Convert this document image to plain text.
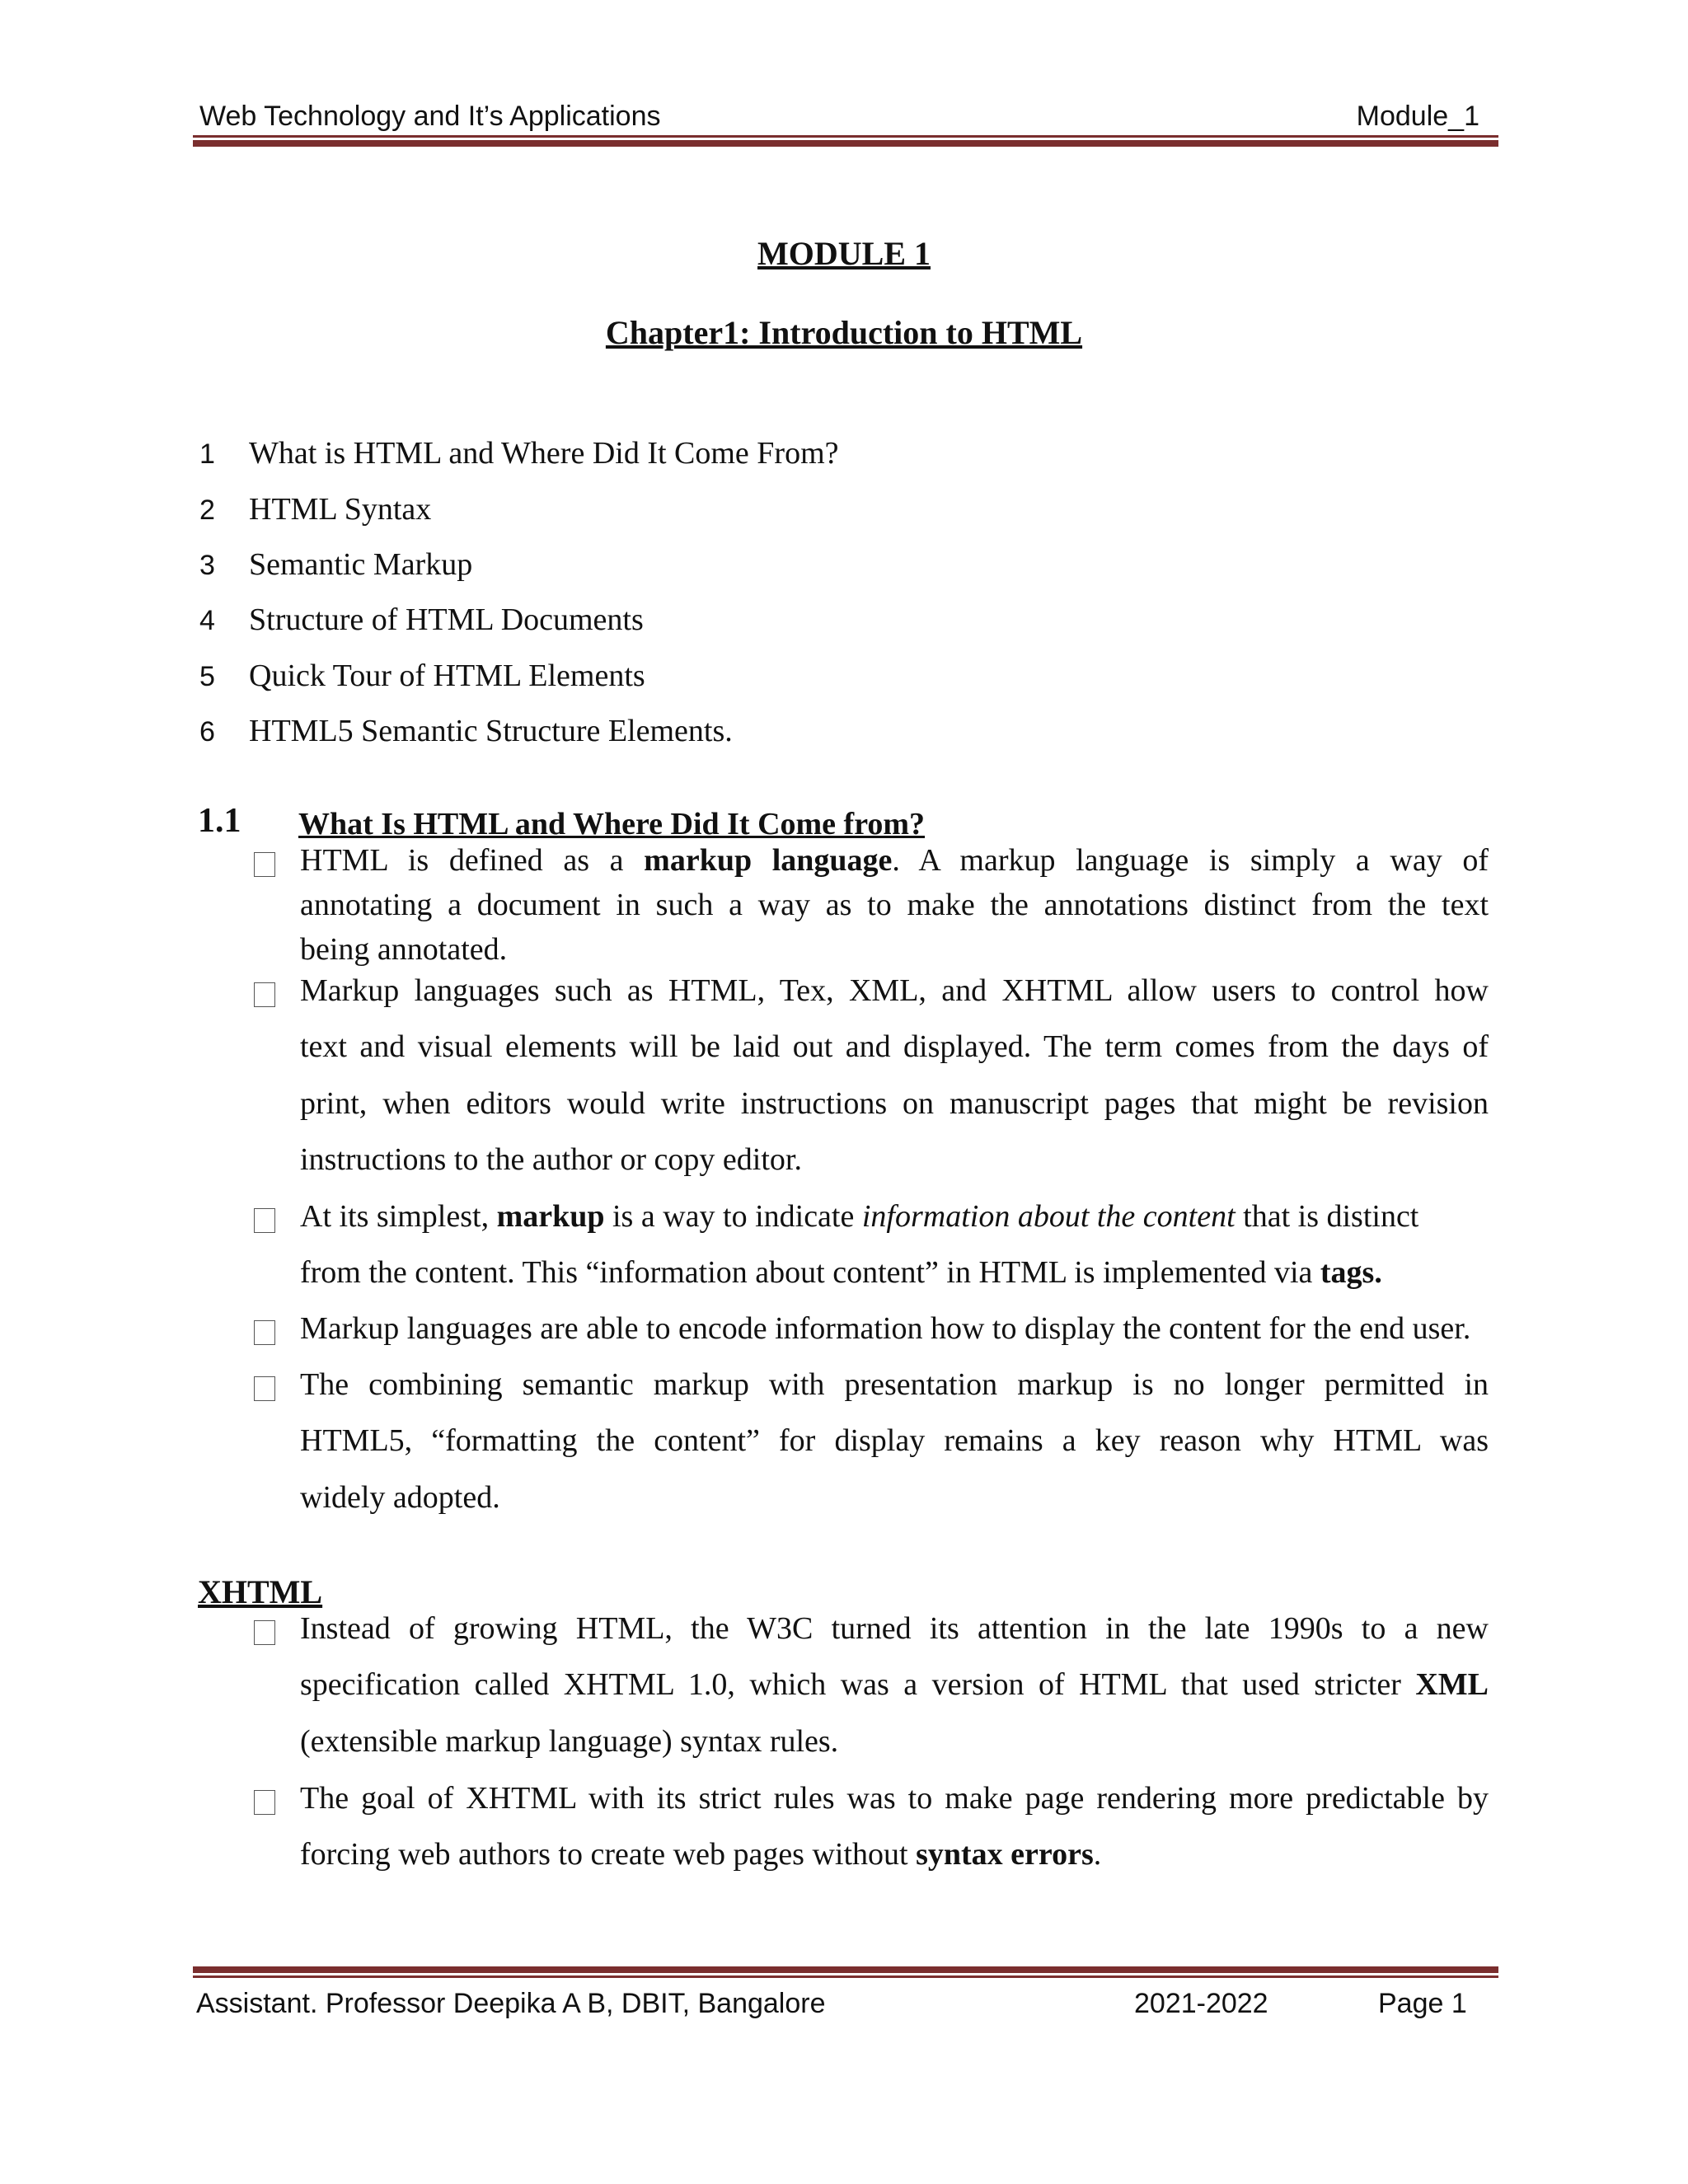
Web Technology and It’s Applications	Module_1
MODULE 1
Chapter1: Introduction to HTML
1 What is HTML and Where Did It Come From?
2 HTML Syntax
3 Semantic Markup
4 Structure of HTML Documents
5 Quick Tour of HTML Elements
6 HTML5 Semantic Structure Elements.
1.1 What Is HTML and Where Did It Come from?
HTML is defined as a markup language. A markup language is simply a way of
annotating a document in such a way as to make the annotations distinct from the text
being annotated.
Markup languages such as HTML, Tex, XML, and XHTML allow users to control how
text and visual elements will be laid out and displayed. The term comes from the days of
print, when editors would write instructions on manuscript pages that might be revision
instructions to the author or copy editor.
At its simplest, markup is a way to indicate information about the content that is distinct
from the content. This “information about content” in HTML is implemented via tags.
Markup languages are able to encode information how to display the content for the end user.
The combining semantic markup with presentation markup is no longer permitted in
HTML5, “formatting the content” for display remains a key reason why HTML was
widely adopted.
XHTML
Instead of growing HTML, the W3C turned its attention in the late 1990s to a new
specification called XHTML 1.0, which was a version of HTML that used stricter XML
(extensible markup language) syntax rules.
The goal of XHTML with its strict rules was to make page rendering more predictable by
forcing web authors to create web pages without syntax errors.
Assistant. Professor Deepika A B, DBIT, Bangalore	2021-2022	Page 1
